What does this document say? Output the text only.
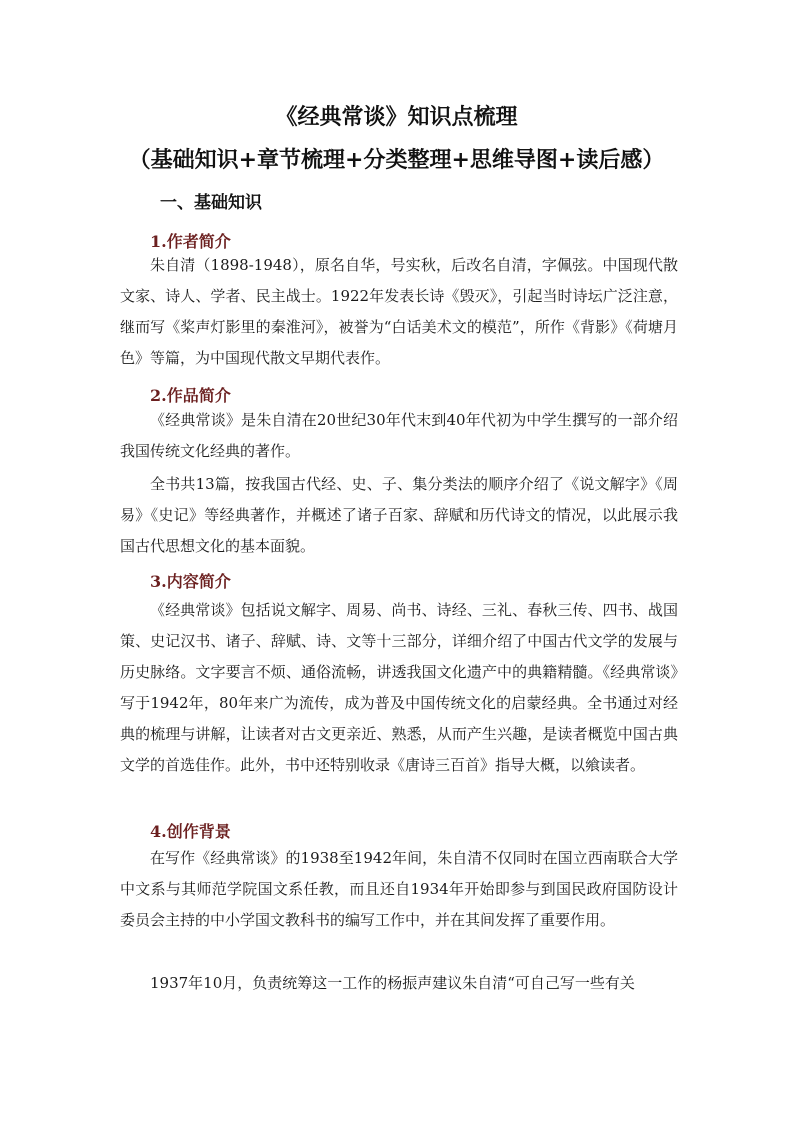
《经典常谈》知识点梳理
（基础知识+章节梳理+分类整理+思维导图+读后感）
一、基础知识
1.作者简介

朱自清（1898-1948），原名自华，号实秋，后改名自清，字佩弦。中国现代散文家、诗人、学者、民主战士。1922年发表长诗《毁灭》，引起当时诗坛广泛注意，继而写《桨声灯影里的秦淮河》，被誉为“白话美术文的模范”，所作《背影》《荷塘月色》等篇，为中国现代散文早期代表作。

2.作品简介

《经典常谈》是朱自清在20世纪30年代末到40年代初为中学生撰写的一部介绍我国传统文化经典的著作。

全书共13篇，按我国古代经、史、子、集分类法的顺序介绍了《说文解字》《周易》《史记》等经典著作，并概述了诸子百家、辞赋和历代诗文的情况，以此展示我国古代思想文化的基本面貌。

3.内容简介

《经典常谈》包括说文解字、周易、尚书、诗经、三礼、春秋三传、四书、战国策、史记汉书、诸子、辞赋、诗、文等十三部分，详细介绍了中国古代文学的发展与历史脉络。文字要言不烦、通俗流畅，讲透我国文化遗产中的典籍精髓。《经典常谈》写于1942年，80年来广为流传，成为普及中国传统文化的启蒙经典。全书通过对经典的梳理与讲解，让读者对古文更亲近、熟悉，从而产生兴趣，是读者概览中国古典文学的首选佳作。此外，书中还特别收录《唐诗三百首》指导大概，以飨读者。

4.创作背景

在写作《经典常谈》的1938至1942年间，朱自清不仅同时在国立西南联合大学中文系与其师范学院国文系任教，而且还自1934年开始即参与到国民政府国防设计委员会主持的中小学国文教科书的编写工作中，并在其间发挥了重要作用。

1937年10月，负责统筹这一工作的杨振声建议朱自清“可自己写一些有关
